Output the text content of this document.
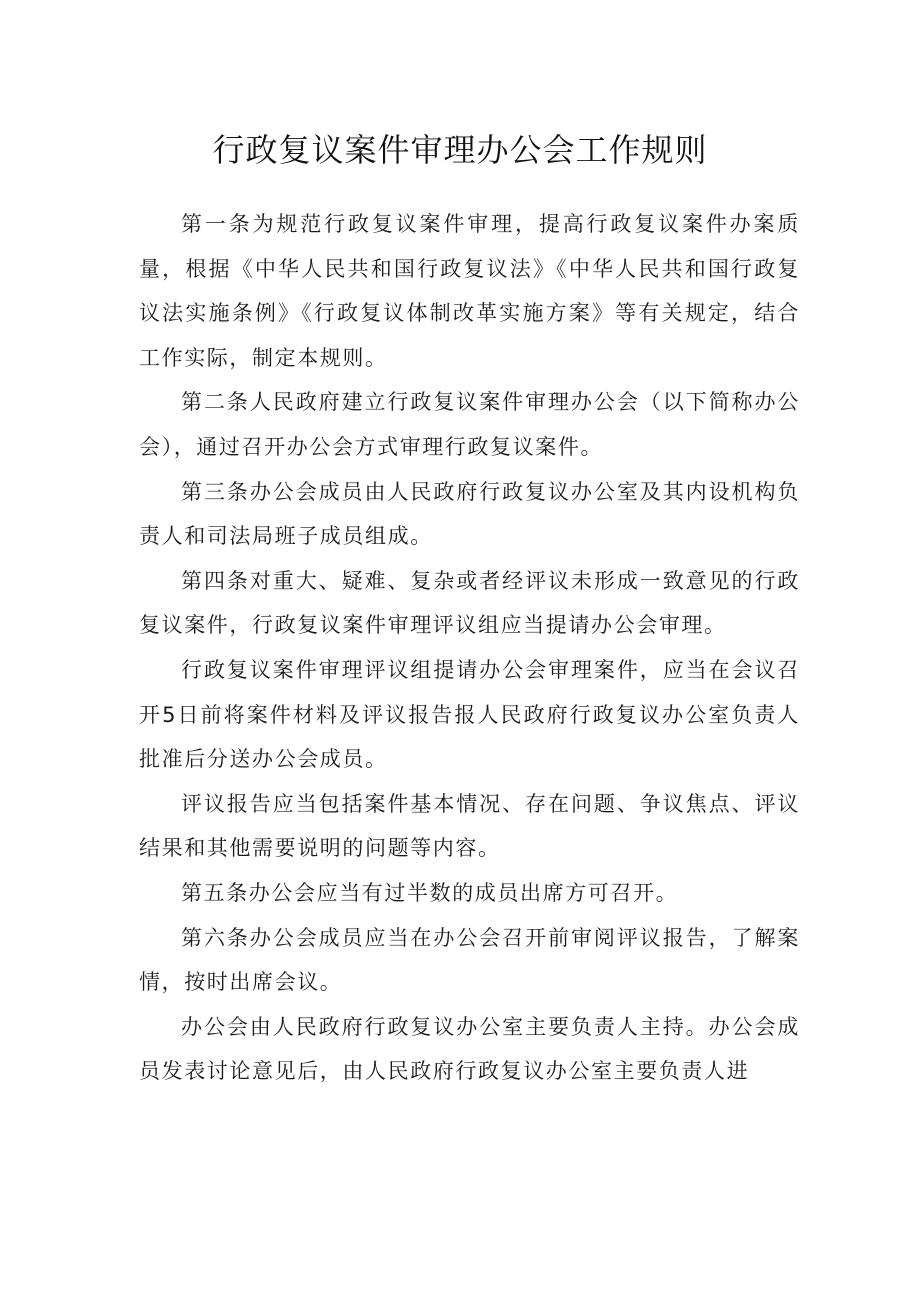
行政复议案件审理办公会工作规则

第一条为规范行政复议案件审理，提高行政复议案件办案质量，根据《中华人民共和国行政复议法》《中华人民共和国行政复议法实施条例》《行政复议体制改革实施方案》等有关规定，结合工作实际，制定本规则。

第二条人民政府建立行政复议案件审理办公会（以下简称办公会），通过召开办公会方式审理行政复议案件。

第三条办公会成员由人民政府行政复议办公室及其内设机构负责人和司法局班子成员组成。

第四条对重大、疑难、复杂或者经评议未形成一致意见的行政复议案件，行政复议案件审理评议组应当提请办公会审理。

行政复议案件审理评议组提请办公会审理案件，应当在会议召开5日前将案件材料及评议报告报人民政府行政复议办公室负责人批准后分送办公会成员。

评议报告应当包括案件基本情况、存在问题、争议焦点、评议结果和其他需要说明的问题等内容。

第五条办公会应当有过半数的成员出席方可召开。

第六条办公会成员应当在办公会召开前审阅评议报告，了解案情，按时出席会议。

办公会由人民政府行政复议办公室主要负责人主持。办公会成员发表讨论意见后，由人民政府行政复议办公室主要负责人进
